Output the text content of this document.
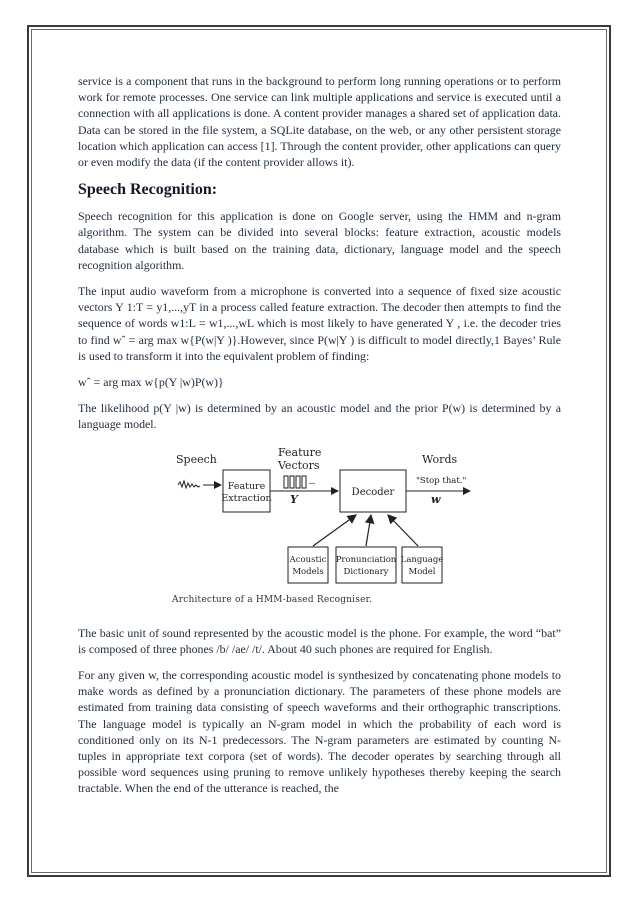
service is a component that runs in the background to perform long running operations or to perform work for remote processes. One service can link multiple applications and service is executed until a connection with all applications is done. A content provider manages a shared set of application data. Data can be stored in the file system, a SQLite database, on the web, or any other persistent storage location which application can access [1]. Through the content provider, other applications can query or even modify the data (if the content provider allows it).

Speech Recognition:

Speech recognition for this application is done on Google server, using the HMM and n-gram algorithm. The system can be divided into several blocks: feature extraction, acoustic models database which is built based on the training data, dictionary, language model and the speech recognition algorithm.

The input audio waveform from a microphone is converted into a sequence of fixed size acoustic vectors Y 1:T = y1,...,yT in a process called feature extraction. The decoder then attempts to find the sequence of words w1:L = w1,...,wL which is most likely to have generated Y , i.e. the decoder tries to find wˆ = arg max w{P(w|Y )}.However, since P(w|Y ) is difficult to model directly,1 Bayes’ Rule is used to transform it into the equivalent problem of finding:

wˆ = arg max w{p(Y |w)P(w)}

The likelihood p(Y |w) is determined by an acoustic model and the prior P(w) is determined by a language model.

Speech
Feature
Vectors	Words
Feature
Extraction
--
Y
Decoder
"Stop that."
w
Acoustic
Models
Pronunciation
Dictionary
Language
Model
Architecture of a HMM-based Recogniser.

The basic unit of sound represented by the acoustic model is the phone. For example, the word “bat” is composed of three phones /b/ /ae/ /t/. About 40 such phones are required for English.

For any given w, the corresponding acoustic model is synthesized by concatenating phone models to make words as defined by a pronunciation dictionary. The parameters of these phone models are estimated from training data consisting of speech waveforms and their orthographic transcriptions. The language model is typically an N-gram model in which the probability of each word is conditioned only on its N-1 predecessors. The N-gram parameters are estimated by counting N-tuples in appropriate text corpora (set of words). The decoder operates by searching through all possible word sequences using pruning to remove unlikely hypotheses thereby keeping the search tractable. When the end of the utterance is reached, the
